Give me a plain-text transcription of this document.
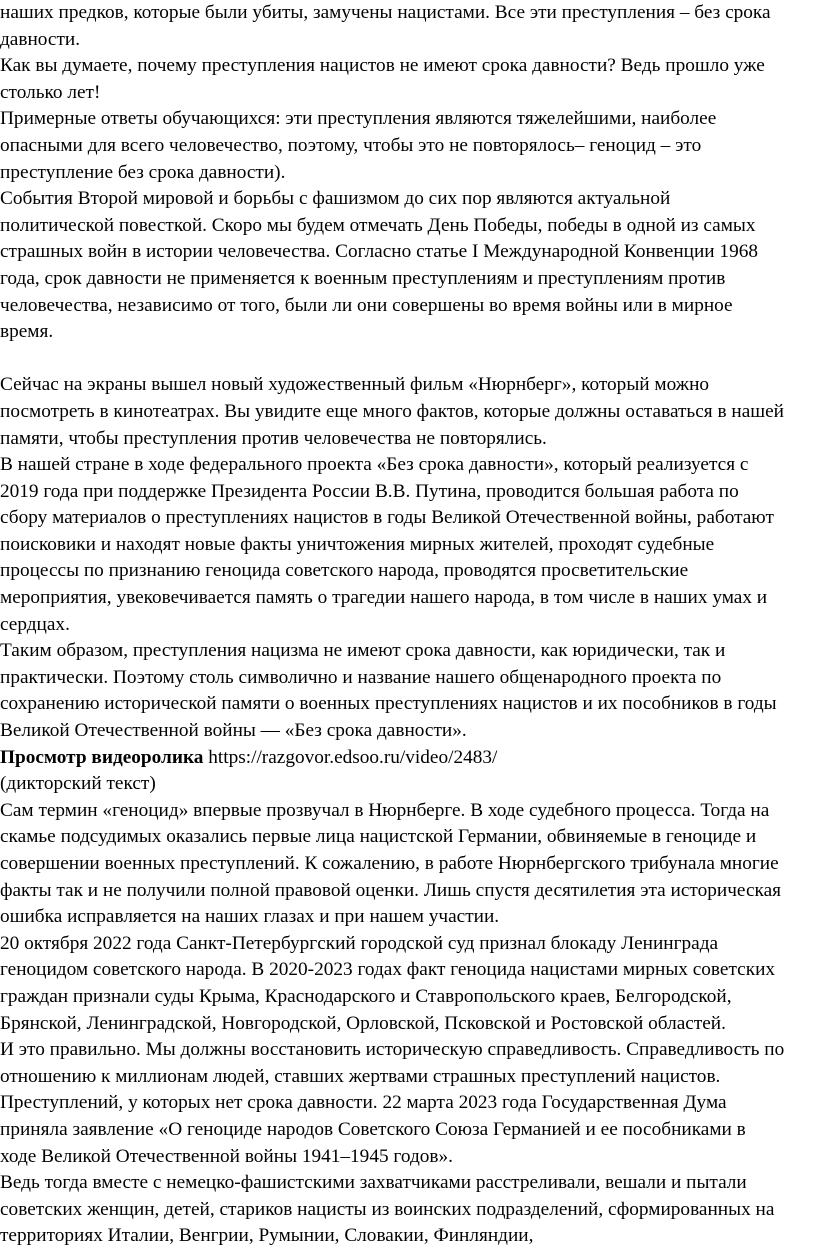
наших предков, которые были убиты, замучены нацистами. Все эти преступления – без срока
давности.

Как вы думаете, почему преступления нацистов не имеют срока давности? Ведь прошло уже
столько лет!

Примерные ответы обучающихся: эти преступления являются тяжелейшими, наиболее
опасными для всего человечество, поэтому, чтобы это не повторялось– геноцид – это
преступление без срока давности).

События Второй мировой и борьбы с фашизмом до сих пор являются актуальной
политической повесткой. Скоро мы будем отмечать День Победы, победы в одной из самых
страшных войн в истории человечества. Согласно статье I Международной Конвенции 1968
года, срок давности не применяется к военным преступлениям и преступлениям против
человечества, независимо от того, были ли они совершены во время войны или в мирное
время.

Сейчас на экраны вышел новый художественный фильм «Нюрнберг», который можно
посмотреть в кинотеатрах. Вы увидите еще много фактов, которые должны оставаться в нашей
памяти, чтобы преступления против человечества не повторялись.

В нашей стране в ходе федерального проекта «Без срока давности», который реализуется с
2019 года при поддержке Президента России В.В. Путина, проводится большая работа по
сбору материалов о преступлениях нацистов в годы Великой Отечественной войны, работают
поисковики и находят новые факты уничтожения мирных жителей, проходят судебные
процессы по признанию геноцида советского народа, проводятся просветительские
мероприятия, увековечивается память о трагедии нашего народа, в том числе в наших умах и
сердцах.

Таким образом, преступления нацизма не имеют срока давности, как юридически, так и
практически. Поэтому столь символично и название нашего общенародного проекта по
сохранению исторической памяти о военных преступлениях нацистов и их пособников в годы
Великой Отечественной войны — «Без срока давности».

Просмотр видеоролика https://razgovor.edsoo.ru/video/2483/

(дикторский текст)

Сам термин «геноцид» впервые прозвучал в Нюрнберге. В ходе судебного процесса. Тогда на
скамье подсудимых оказались первые лица нацистской Германии, обвиняемые в геноциде и
совершении военных преступлений. К сожалению, в работе Нюрнбергского трибунала многие
факты так и не получили полной правовой оценки. Лишь спустя десятилетия эта историческая
ошибка исправляется на наших глазах и при нашем участии.

20 октября 2022 года Санкт-Петербургский городской суд признал блокаду Ленинграда
геноцидом советского народа. В 2020-2023 годах факт геноцида нацистами мирных советских
граждан признали суды Крыма, Краснодарского и Ставропольского краев, Белгородской,
Брянской, Ленинградской, Новгородской, Орловской, Псковской и Ростовской областей.

И это правильно. Мы должны восстановить историческую справедливость. Справедливость по
отношению к миллионам людей, ставших жертвами страшных преступлений нацистов.
Преступлений, у которых нет срока давности. 22 марта 2023 года Государственная Дума
приняла заявление «О геноциде народов Советского Союза Германией и ее пособниками в
ходе Великой Отечественной войны 1941–1945 годов».

Ведь тогда вместе с немецко-фашистскими захватчиками расстреливали, вешали и пытали
советских женщин, детей, стариков нацисты из воинских подразделений, сформированных на
территориях Италии, Венгрии, Румынии, Словакии, Финляндии,
